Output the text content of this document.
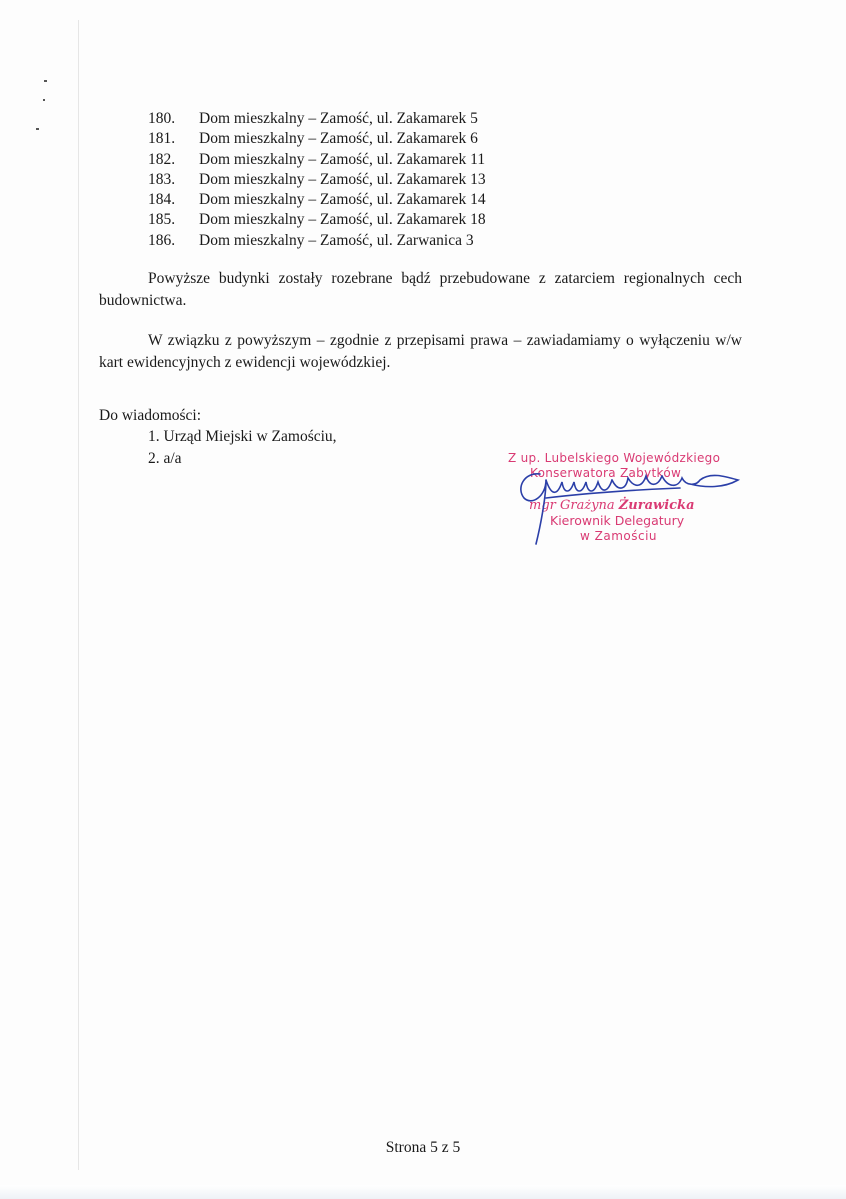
180.	Dom mieszkalny – Zamość, ul. Zakamarek 5
181.	Dom mieszkalny – Zamość, ul. Zakamarek 6
182.	Dom mieszkalny – Zamość, ul. Zakamarek 11
183.	Dom mieszkalny – Zamość, ul. Zakamarek 13
184.	Dom mieszkalny – Zamość, ul. Zakamarek 14
185.	Dom mieszkalny – Zamość, ul. Zakamarek 18
186.	Dom mieszkalny – Zamość, ul. Zarwanica 3
Powyższe budynki zostały rozebrane bądź przebudowane z zatarciem regionalnych cech budownictwa.
W związku z powyższym – zgodnie z przepisami prawa – zawiadamiamy o wyłączeniu w/w kart ewidencyjnych z ewidencji wojewódzkiej.
Do wiadomości:
1. Urząd Miejski w Zamościu,
2. a/a	Z up. Lubelskiego Wojewódzkiego
Konserwatora Zabytków
mgr Grażyna Żurawicka
Kierownik Delegatury
w Zamościu
Strona 5 z 5
